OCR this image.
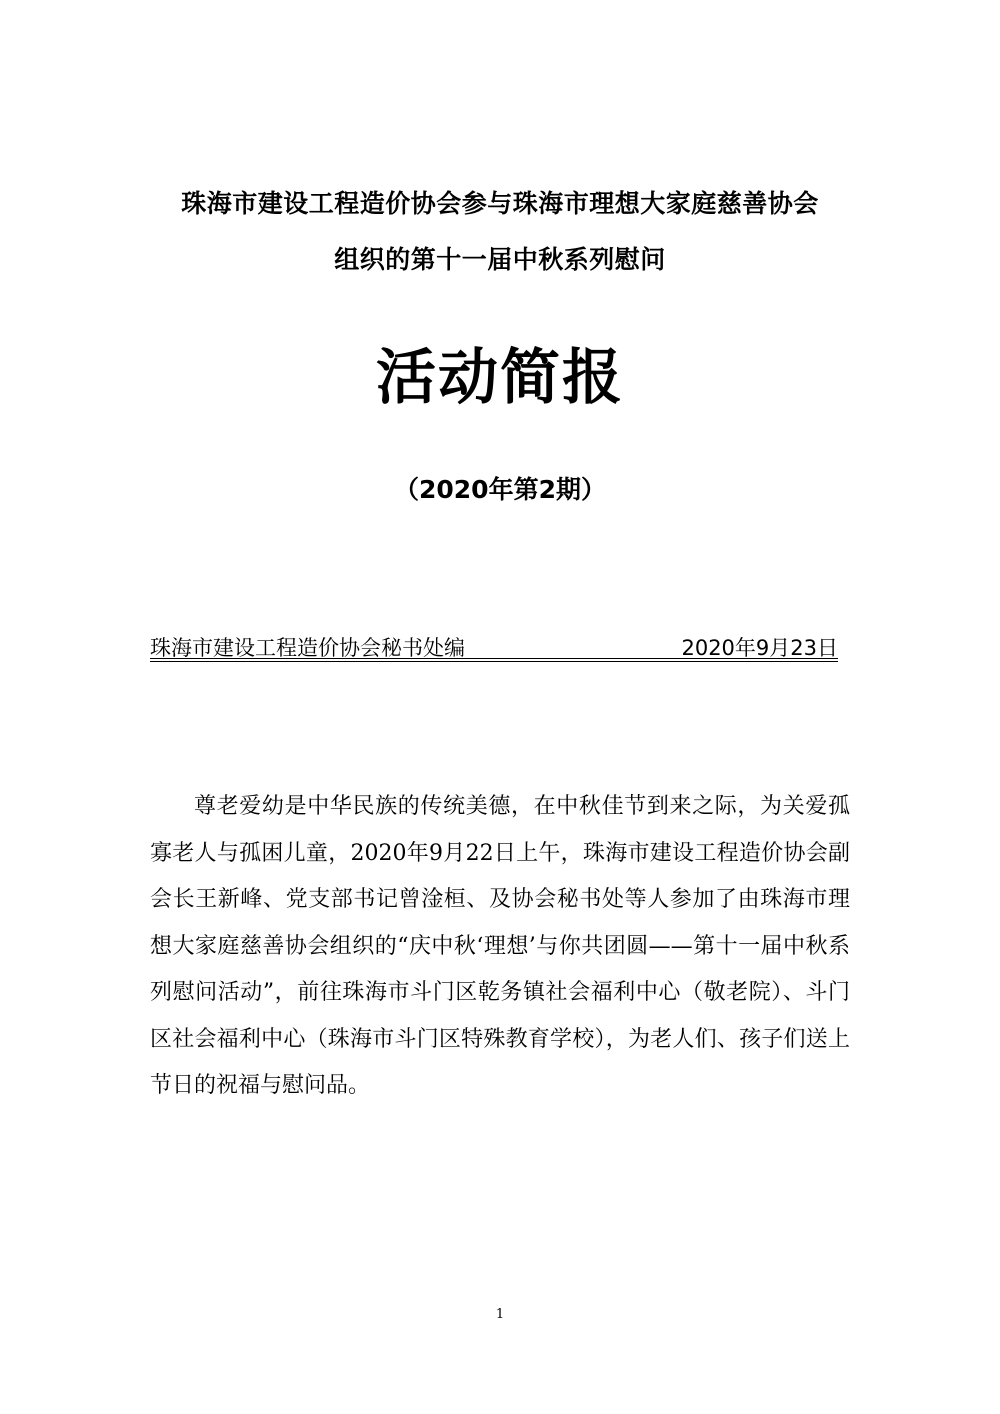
珠海市建设工程造价协会参与珠海市理想大家庭慈善协会
组织的第十一届中秋系列慰问
活动简报
（2020年第2期）
珠海市建设工程造价协会秘书处编	2020年9月23日

尊老爱幼是中华民族的传统美德，在中秋佳节到来之际，为关爱孤寡老人与孤困儿童，2020年9月22日上午，珠海市建设工程造价协会副会长王新峰、党支部书记曾淦桓、及协会秘书处等人参加了由珠海市理想大家庭慈善协会组织的“庆中秋‘理想’与你共团圆——第十一届中秋系列慰问活动”，前往珠海市斗门区乾务镇社会福利中心（敬老院）、斗门区社会福利中心（珠海市斗门区特殊教育学校），为老人们、孩子们送上节日的祝福与慰问品。

1
